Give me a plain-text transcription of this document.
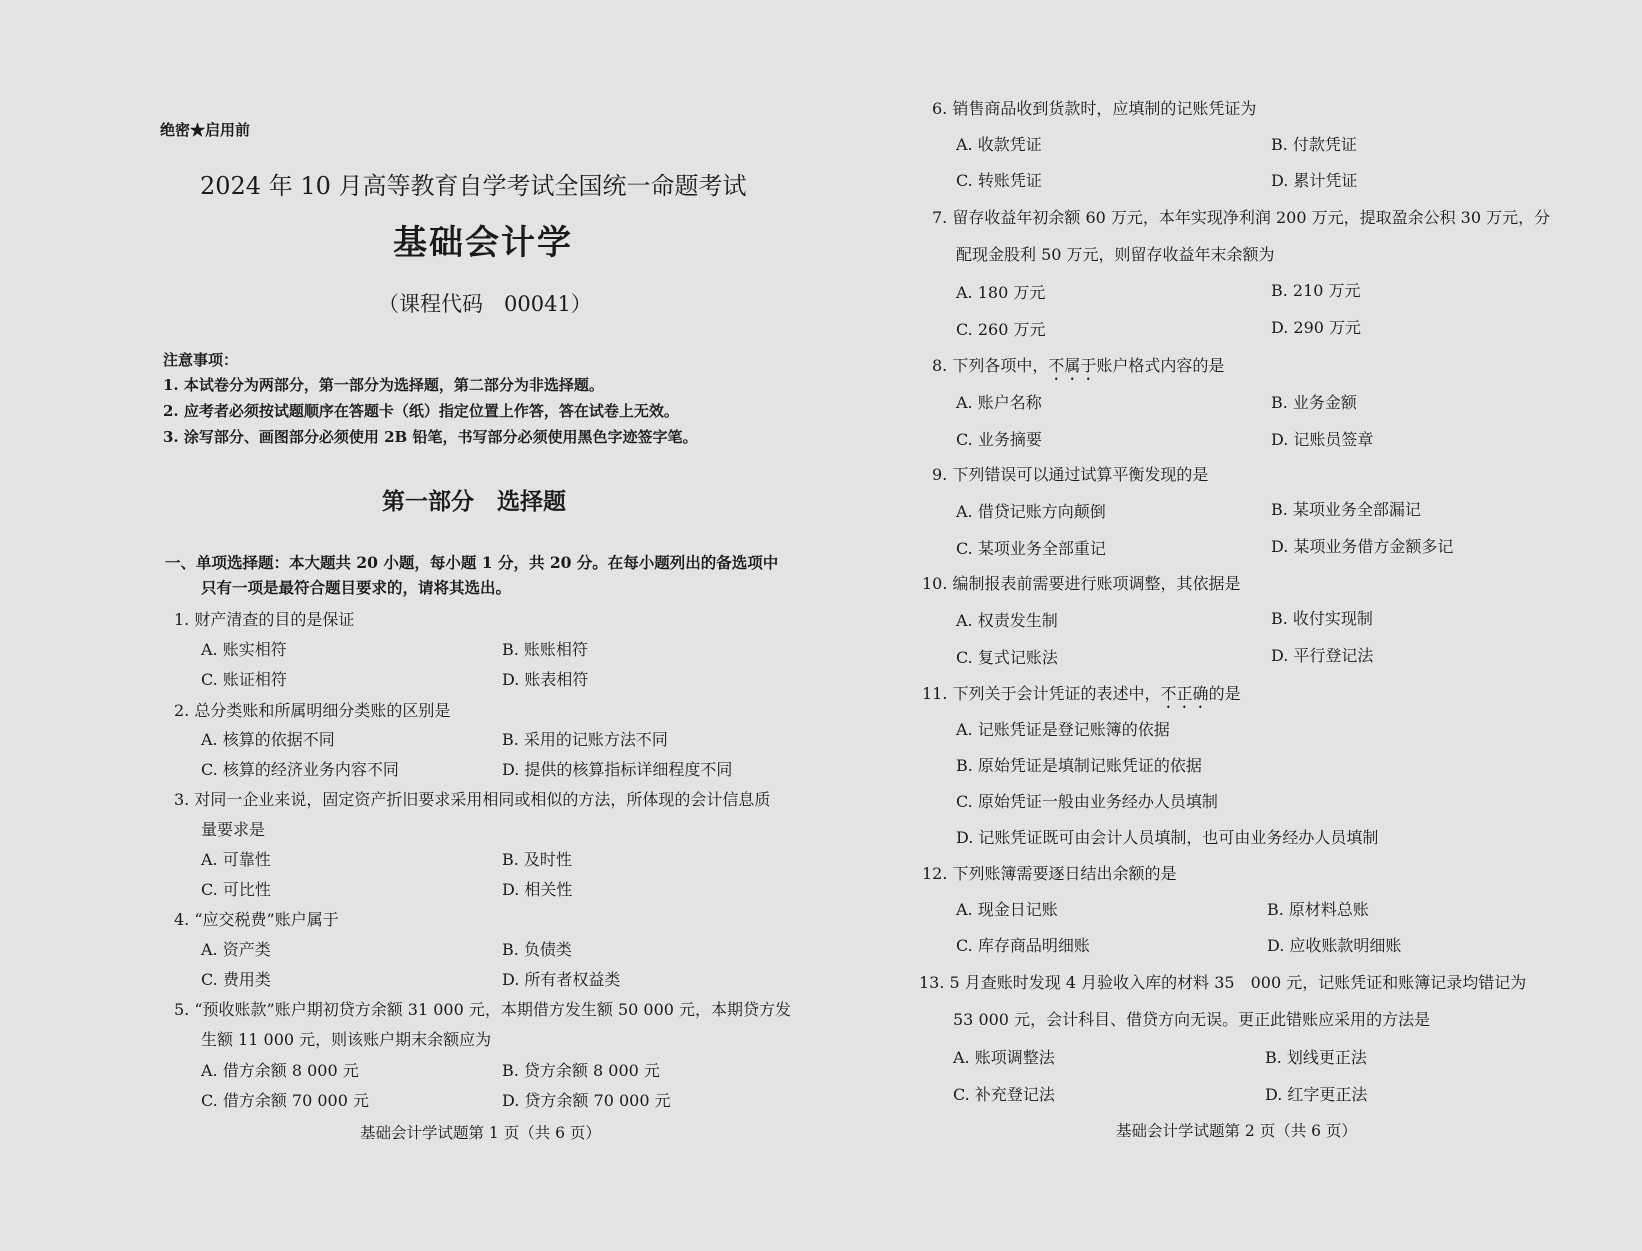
绝密★启用前
2024 年 10 月高等教育自学考试全国统一命题考试
基础会计学
（课程代码　00041）
注意事项：
1. 本试卷分为两部分，第一部分为选择题，第二部分为非选择题。
2. 应考者必须按试题顺序在答题卡（纸）指定位置上作答，答在试卷上无效。
3. 涂写部分、画图部分必须使用 2B 铅笔，书写部分必须使用黑色字迹签字笔。
第一部分　选择题
一、单项选择题：本大题共 20 小题，每小题 1 分，共 20 分。在每小题列出的备选项中
只有一项是最符合题目要求的，请将其选出。
1. 财产清查的目的是保证
A. 账实相符	B. 账账相符
C. 账证相符	D. 账表相符
2. 总分类账和所属明细分类账的区别是
A. 核算的依据不同	B. 采用的记账方法不同
C. 核算的经济业务内容不同	D. 提供的核算指标详细程度不同
3. 对同一企业来说，固定资产折旧要求采用相同或相似的方法，所体现的会计信息质
量要求是
A. 可靠性	B. 及时性
C. 可比性	D. 相关性
4. “应交税费”账户属于
A. 资产类	B. 负债类
C. 费用类	D. 所有者权益类
5. “预收账款”账户期初贷方余额 31 000 元，本期借方发生额 50 000 元，本期贷方发
生额 11 000 元，则该账户期末余额应为
A. 借方余额 8 000 元	B. 贷方余额 8 000 元
C. 借方余额 70 000 元	D. 贷方余额 70 000 元
基础会计学试题第 1 页（共 6 页）
6. 销售商品收到货款时，应填制的记账凭证为
A. 收款凭证	B. 付款凭证
C. 转账凭证	D. 累计凭证
7. 留存收益年初余额 60 万元，本年实现净利润 200 万元，提取盈余公积 30 万元，分
配现金股利 50 万元，则留存收益年末余额为
A. 180 万元	B. 210 万元
C. 260 万元	D. 290 万元
8. 下列各项中，不属于账户格式内容的是
A. 账户名称	B. 业务金额
C. 业务摘要	D. 记账员签章
9. 下列错误可以通过试算平衡发现的是
A. 借贷记账方向颠倒	B. 某项业务全部漏记
C. 某项业务全部重记	D. 某项业务借方金额多记
10. 编制报表前需要进行账项调整，其依据是
A. 权责发生制	B. 收付实现制
C. 复式记账法	D. 平行登记法
11. 下列关于会计凭证的表述中，不正确的是
A. 记账凭证是登记账簿的依据
B. 原始凭证是填制记账凭证的依据
C. 原始凭证一般由业务经办人员填制
D. 记账凭证既可由会计人员填制，也可由业务经办人员填制
12. 下列账簿需要逐日结出余额的是
A. 现金日记账	B. 原材料总账
C. 库存商品明细账	D. 应收账款明细账
13. 5 月查账时发现 4 月验收入库的材料 35　000 元，记账凭证和账簿记录均错记为
53 000 元，会计科目、借贷方向无误。更正此错账应采用的方法是
A. 账项调整法	B. 划线更正法
C. 补充登记法	D. 红字更正法
基础会计学试题第 2 页（共 6 页）
